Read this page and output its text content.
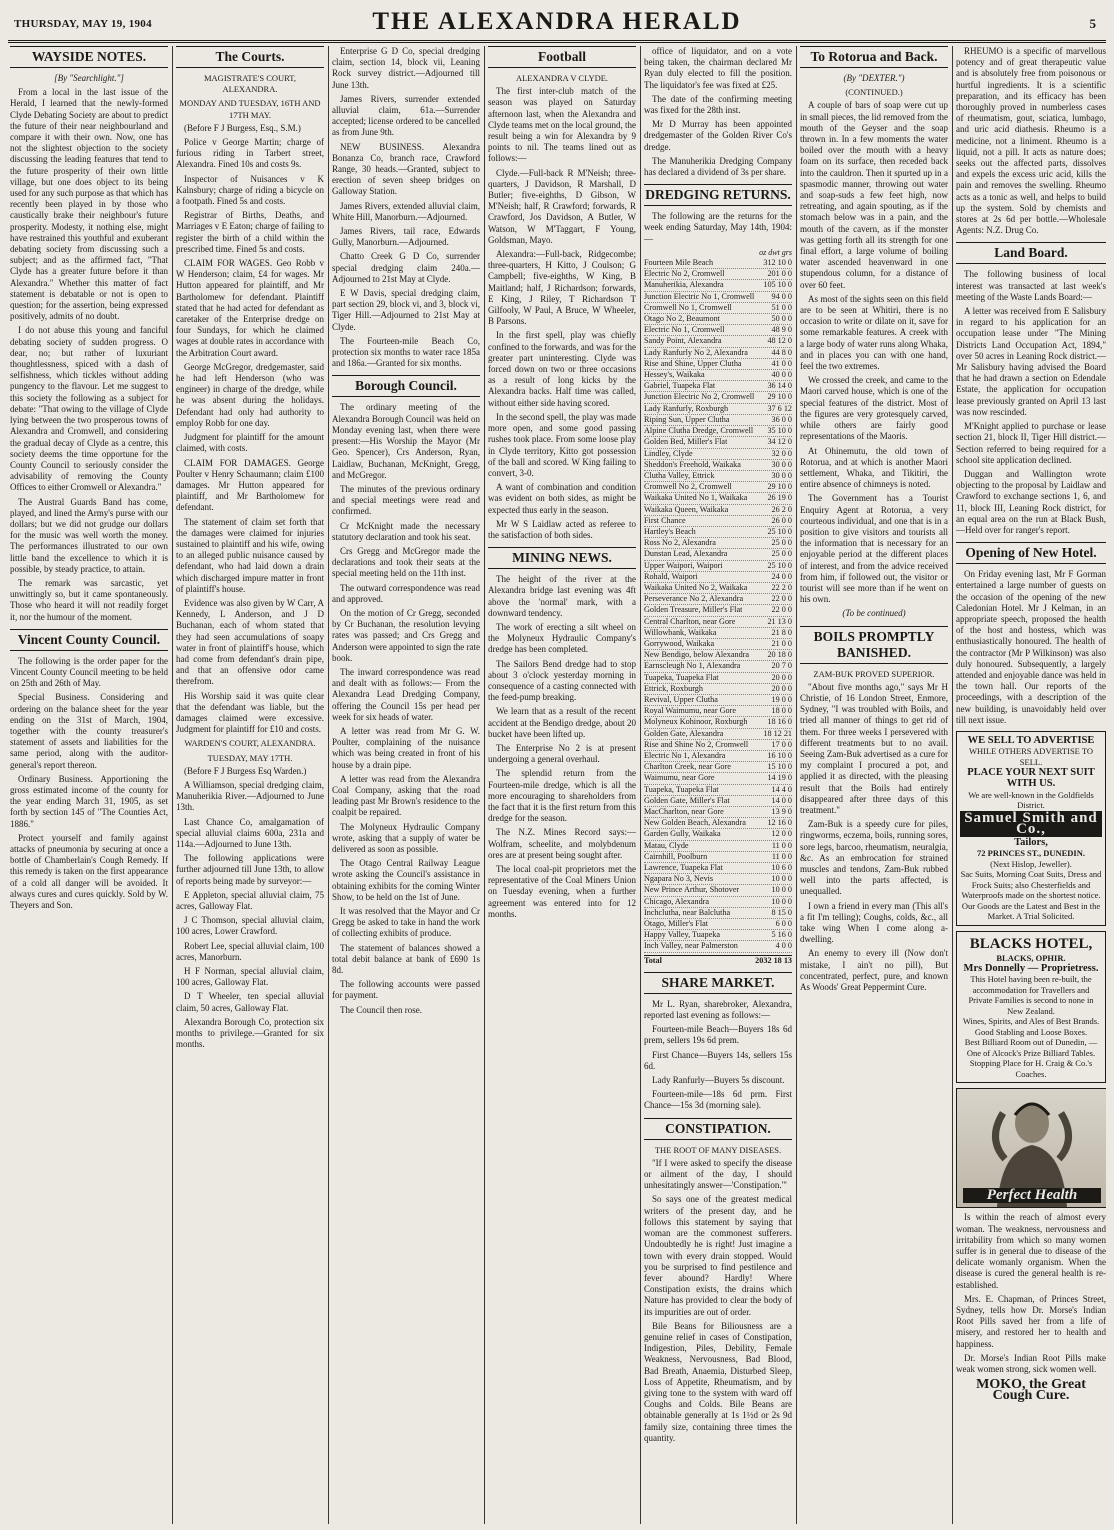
THURSDAY, MAY 19, 1904	THE ALEXANDRA HERALD	5
WAYSIDE NOTES.
[By "Searchlight."]

From a local in the last issue of the Herald, I learned that the newly-formed Clyde Debating Society are about to predict the future of their near neighbourland and compare it with their own. Now, one has not the slightest objection to the society discussing the leading features that tend to the future prosperity of their own little village, but one does object to its being used for any such purpose as that which has recently been played in by those who caustically brake their neighbour's future prosperity. Modesty, it nothing else, might have restrained this youthful and exuberant debating society from discussing such a subject; and as the affirmed fact, "That Clyde has a greater future before it than Alexandra." Whether this matter of fact statement is debatable or not is open to question; for the assertion, being expressed positively, admits of no doubt.

I do not abuse this young and fanciful debating society of sudden progress. O dear, no; but rather of luxuriant thoughtlessness, spiced with a dash of selfishness, which tickles without adding pungency to the flavour. Let me suggest to this society the following as a subject for debate: "That owing to the village of Clyde lying between the two prosperous towns of Alexandra and Cromwell, and considering the gradual decay of Clyde as a centre, this society deems the time opportune for the County Council to seriously consider the advisability of removing the County Offices to either Cromwell or Alexandra."

The Austral Guards Band has come, played, and lined the Army's purse with our dollars; but we did not grudge our dollars for the music was well worth the money. The performances illustrated to our own little band the excellence to which it is possible, by steady practice, to attain.

The remark was sarcastic, yet unwittingly so, but it came spontaneously. Those who heard it will not readily forget it, nor the humour of the moment.

Vincent County Council.

The following is the order paper for the Vincent County Council meeting to be held on 25th and 26th of May.

Special Business. Considering and ordering on the balance sheet for the year ending on the 31st of March, 1904, together with the county treasurer's statement of assets and liabilities for the same period, along with the auditor-general's report thereon.

Ordinary Business. Apportioning the gross estimated income of the county for the year ending March 31, 1905, as set forth by section 145 of "The Counties Act, 1886."

Protect yourself and family against attacks of pneumonia by securing at once a bottle of Chamberlain's Cough Remedy. If this remedy is taken on the first appearance of a cold all danger will be avoided. It always cures and cures quickly. Sold by W. Theyers and Son.

The Courts.
MAGISTRATE'S COURT, ALEXANDRA.
MONDAY AND TUESDAY, 16TH AND 17TH MAY.

(Before F J Burgess, Esq., S.M.)

Police v George Martin; charge of furious riding in Tarbert street, Alexandra. Fined 10s and costs 9s.

Inspector of Nuisances v K Kalnsbury; charge of riding a bicycle on a footpath. Fined 5s and costs.

Registrar of Births, Deaths, and Marriages v E Eaton; charge of failing to register the birth of a child within the prescribed time. Fined 5s and costs.

CLAIM FOR WAGES. Geo Robb v W Henderson; claim, £4 for wages. Mr Hutton appeared for plaintiff, and Mr Bartholomew for defendant. Plaintiff stated that he had acted for defendant as caretaker of the Enterprise dredge on four Sundays, for which he claimed wages at double rates in accordance with the Arbitration Court award.

George McGregor, dredgemaster, said he had left Henderson (who was engineer) in charge of the dredge, while he was absent during the holidays. Defendant had only had authority to employ Robb for one day.

Judgment for plaintiff for the amount claimed, with costs.

CLAIM FOR DAMAGES. George Poulter v Henry Schaumann; claim £100 damages. Mr Hutton appeared for plaintiff, and Mr Bartholomew for defendant.

The statement of claim set forth that the damages were claimed for injuries sustained to plaintiff and his wife, owing to an alleged public nuisance caused by defendant, who had laid down a drain which discharged impure matter in front of plaintiff's house.

Evidence was also given by W Carr, A Kennedy, L Anderson, and J D Buchanan, each of whom stated that they had seen accumulations of soapy water in front of plaintiff's house, which had come from defendant's drain pipe, and that an offensive odor came therefrom.

His Worship said it was quite clear that the defendant was liable, but the damages claimed were excessive. Judgment for plaintiff for £10 and costs.

WARDEN'S COURT, ALEXANDRA.
TUESDAY, MAY 17TH.

(Before F J Burgess Esq Warden.)

A Williamson, special dredging claim, Manuherikia River.—Adjourned to June 13th.

Last Chance Co, amalgamation of special alluvial claims 600a, 231a and 114a.—Adjourned to June 13th.

The following applications were further adjourned till June 13th, to allow of reports being made by surveyor:—

E Appleton, special alluvial claim, 75 acres, Galloway Flat.

J C Thomson, special alluvial claim, 100 acres, Lower Crawford.

Robert Lee, special alluvial claim, 100 acres, Manorburn.

H F Norman, special alluvial claim, 100 acres, Galloway Flat.

D T Wheeler, ten special alluvial claim, 50 acres, Galloway Flat.

Alexandra Borough Co, protection six months to privilege.—Granted for six months.

Enterprise G D Co, special dredging claim, section 14, block vii, Leaning Rock survey district.—Adjourned till June 13th.

James Rivers, surrender extended alluvial claim, 61a.—Surrender accepted; license ordered to be cancelled as from June 9th.

NEW BUSINESS. Alexandra Bonanza Co, branch race, Crawford Range, 30 heads.—Granted, subject to erection of seven sheep bridges on Galloway Station.

James Rivers, extended alluvial claim, White Hill, Manorburn.—Adjourned.

James Rivers, tail race, Edwards Gully, Manorburn.—Adjourned.

Chatto Creek G D Co, surrender special dredging claim 240a.—Adjourned to 21st May at Clyde.

E W Davis, special dredging claim, part section 29, block vi, and 3, block vi, Tiger Hill.—Adjourned to 21st May at Clyde.

The Fourteen-mile Beach Co, protection six months to water race 185a and 186a.—Granted for six months.

Borough Council.

The ordinary meeting of the Alexandra Borough Council was held on Monday evening last, when there were present:—His Worship the Mayor (Mr Geo. Spencer), Crs Anderson, Ryan, Laidlaw, Buchanan, McKnight, Gregg, and McGregor.

The minutes of the previous ordinary and special meetings were read and confirmed.

Cr McKnight made the necessary statutory declaration and took his seat.

Crs Gregg and McGregor made the declarations and took their seats at the special meeting held on the 11th inst.

The outward correspondence was read and approved.

On the motion of Cr Gregg, seconded by Cr Buchanan, the resolution levying rates was passed; and Crs Gregg and Anderson were appointed to sign the rate book.

The inward correspondence was read and dealt with as follows:— From the Alexandra Lead Dredging Company, offering the Council 15s per head per week for six heads of water.

A letter was read from Mr G. W. Poulter, complaining of the nuisance which was being created in front of his house by a drain pipe.

A letter was read from the Alexandra Coal Company, asking that the road leading past Mr Brown's residence to the coalpit be repaired.

The Molyneux Hydraulic Company wrote, asking that a supply of water be delivered as soon as possible.

The Otago Central Railway League wrote asking the Council's assistance in obtaining exhibits for the coming Winter Show, to be held on the 1st of June.

It was resolved that the Mayor and Cr Gregg be asked to take in hand the work of collecting exhibits of produce.

The statement of balances showed a total debit balance at bank of £690 1s 8d.

The following accounts were passed for payment.

The Council then rose.

Football
ALEXANDRA V CLYDE.

The first inter-club match of the season was played on Saturday afternoon last, when the Alexandra and Clyde teams met on the local ground, the result being a win for Alexandra by 9 points to nil. The teams lined out as follows:—

Clyde.—Full-back R M'Neish; three-quarters, J Davidson, R Marshall, D Butler; five-eighths, D Gibson, W M'Neish; half, R Crawford; forwards, R Crawford, Jos Davidson, A Butler, W Watson, W M'Taggart, F Young, Goldsman, Mayo.

Alexandra:—Full-back, Ridgecombe; three-quarters, H Kitto, J Coulson; G Campbell; five-eighths, W King, B Maitland; half, J Richardson; forwards, E King, J Riley, T Richardson T Gilfooly, W Paul, A Bruce, W Wheeler, B Parsons.

In the first spell, play was chiefly confined to the forwards, and was for the greater part uninteresting. Clyde was forced down on two or three occasions as a result of long kicks by the Alexandra backs. Half time was called, without either side having scored.

In the second spell, the play was made more open, and some good passing rushes took place. From some loose play in Clyde territory, Kitto got possession of the ball and scored. W King failing to convert, 3-0.

A want of combination and condition was evident on both sides, as might be expected thus early in the season.

Mr W S Laidlaw acted as referee to the satisfaction of both sides.

MINING NEWS.

The height of the river at the Alexandra bridge last evening was 4ft above the 'normal' mark, with a downward tendency.

The work of erecting a silt wheel on the Molyneux Hydraulic Company's dredge has been completed.

The Sailors Bend dredge had to stop about 3 o'clock yesterday morning in consequence of a casting connected with the feed-pump breaking.

We learn that as a result of the recent accident at the Bendigo dredge, about 20 bucket have been lifted up.

The Enterprise No 2 is at present undergoing a general overhaul.

The splendid return from the Fourteen-mile dredge, which is all the more encouraging to shareholders from the fact that it is the first return from this dredge for the season.

The N.Z. Mines Record says:—Wolfram, scheelite, and molybdenum ores are at present being sought after.

The local coal-pit proprietors met the representative of the Coal Miners Union on Tuesday evening, when a further agreement was entered into for 12 months.

office of liquidator, and on a vote being taken, the chairman declared Mr Ryan duly elected to fill the position. The liquidator's fee was fixed at £25.

The date of the confirming meeting was fixed for the 28th inst.

Mr D Murray has been appointed dredgemaster of the Golden River Co's dredge.

The Manuherikia Dredging Company has declared a dividend of 3s per share.

DREDGING RETURNS.

The following are the returns for the week ending Saturday, May 14th, 1904:—

oz dwt grs
Fourteen Mile Beach	312 10 0
Electric No 2, Cromwell	201 0 0
Manuherikia, Alexandra	105 10 0
Junction Electric No 1, Cromwell 94 0 0
Cromwell No 1, Cromwell	51 0 0
Otago No 2, Beaumont	50 0 0
Electric No 1, Cromwell	48 9 0
Sandy Point, Alexandra	48 12 0
Lady Ranfurly No 2, Alexandra	44 8 0
Rise and Shine, Upper Clutha	41 0 0
Hessey's, Waikaka	40 0 0
Gabriel, Tuapeka Flat	36 14 0
Junction Electric No 2, Cromwell 29 10 0
Lady Ranfurly, Roxburgh	37 6 12
Riping Sun, Upper Clutha	36 0 0
Alpine Clutha Dredge, Cromwell 35 10 0
Golden Bed, Miller's Flat	34 12 0
Lindley, Clyde	32 0 0
Sheddon's Freehold, Waikaka	30 0 0
Clutha Valley, Ettrick	30 0 0
Cromwell No 2, Cromwell	29 10 0
Waikaka United No 1, Waikaka 26 19 0
Waikaka Queen, Waikaka	26 2 0
First Chance	26 0 0
Hartley's Beach	25 10 0
Ross No 2, Alexandra	25 0 0
Dunstan Lead, Alexandra	25 0 0
Upper Waipori, Waipori	25 10 0
Rohald, Waipori	24 0 0
Waikaka United No 2, Waikaka	22 2 0
Perseverance No 2, Alexandra	22 0 0
Golden Treasure, Miller's Flat	22 0 0
Central Charlton, near Gore	21 13 0
Willowbank, Waikaka	21 8 0
Gorrywood, Waikaka	21 0 0
New Bendigo, below Alexandra 20 18 0
Earnscleugh No 1, Alexandra	20 7 0
Tuapeka, Tuapeka Flat	20 0 0
Ettrick, Roxburgh	20 0 0
Revival, Upper Clutha	19 0 0
Royal Waimumu, near Gore	18 0 0
Molyneux Kohinoor, Roxburgh 18 16 0
Golden Gate, Alexandra	18 12 21
Rise and Shine No 2, Cromwell	17 0 0
Electric No 1, Alexandra	16 10 0
Charlton Creek, near Gore	15 10 0
Waimumu, near Gore	14 19 0
Tuapeka, Tuapeka Flat	14 4 0
Golden Gate, Miller's Flat	14 0 0
MacCharlton, near Gore	13 9 0
New Golden Beach, Alexandra	12 16 0
Garden Gully, Waikaka	12 0 0
Matau, Clyde	11 0 0
Cairnhill, Poolburn	11 0 0
Lawrence, Tuapeka Flat	10 6 0
Ngapara No 3, Nevis	10 0 0
New Prince Arthur, Shotover	10 0 0
Chicago, Alexandra	10 0 0
Inchclutha, near Balclutha	8 15 0
Otago, Miller's Flat	6 0 0
Happy Valley, Tuapeka	5 16 0
Inch Valley, near Palmerston	4 0 0
Total	2032 18 13
SHARE MARKET.

Mr L. Ryan, sharebroker, Alexandra, reported last evening as follows:—

Fourteen-mile Beach—Buyers 18s 6d prem, sellers 19s 6d prem.

First Chance—Buyers 14s, sellers 15s 6d.

Lady Ranfurly—Buyers 5s discount.

Fourteen-mile—18s 6d prm. First Chance—15s 3d (morning sale).

CONSTIPATION.
THE ROOT OF MANY DISEASES.

"If I were asked to specify the disease or ailment of the day, I should unhesitatingly answer—'Constipation.'"

So says one of the greatest medical writers of the present day, and he follows this statement by saying that woman are the commonest sufferers. Undoubtedly he is right! Just imagine a town with every drain stopped. Would you be surprised to find pestilence and fever abound? Hardly! Where Constipation exists, the drains which Nature has provided to clear the body of its impurities are out of order.

Bile Beans for Biliousness are a genuine relief in cases of Constipation, Indigestion, Piles, Debility, Female Weakness, Nervousness, Bad Blood, Bad Breath, Anaemia, Disturbed Sleep, Loss of Appetite, Rheumatism, and by giving tone to the system with ward off Coughs and Colds. Bile Beans are obtainable generally at 1s 1½d or 2s 9d family size, containing three times the quantity.

To Rotorua and Back.
(By "DEXTER.")
(CONTINUED.)

A couple of bars of soap were cut up in small pieces, the lid removed from the mouth of the Geyser and the soap thrown in. In a few moments the water boiled over the mouth with a heavy foam on its surface, then receded back into the cauldron. Then it spurted up in a spasmodic manner, throwing out water and soap-suds a few feet high, now retreating, and again spouting, as if the stomach below was in a pain, and the mouth of the cavern, as if the monster was getting forth all its strength for one final effort, a large volume of boiling water ascended heavenward in one stupendous column, for a distance of over 60 feet.

As most of the sights seen on this field are to be seen at Whitiri, there is no occasion to write or dilate on it, save for some remarkable features. A creek with a large body of water runs along Whaka, and in places you can with one hand, feel the two extremes.

We crossed the creek, and came to the Maori carved house, which is one of the special features of the district. Most of the figures are very grotesquely carved, while others are fairly good representations of the Maoris.

At Ohinemutu, the old town of Rotorua, and at which is another Maori settlement, Whaka, and Tikitiri, the entire absence of chimneys is noted.

The Government has a Tourist Enquiry Agent at Rotorua, a very courteous individual, and one that is in a position to give visitors and tourists all the information that is necessary for an enjoyable period at the different places of interest, and from the advice received from him, if followed out, the visitor or tourist will see more than if he went on his own.

(To be continued)
BOILS PROMPTLY BANISHED.
ZAM-BUK PROVED SUPERIOR.

"About five months ago," says Mr H Christie, of 16 London Street, Enmore, Sydney, "I was troubled with Boils, and tried all manner of things to get rid of them. For three weeks I persevered with different treatments but to no avail. Seeing Zam-Buk advertised as a cure for my complaint I procured a pot, and applied it as directed, with the pleasing result that the Boils had entirely disappeared after three days of this treatment."

Zam-Buk is a speedy cure for piles, ringworms, eczema, boils, running sores, sore legs, barcoo, rheumatism, neuralgia, &c. As an embrocation for strained muscles and tendons, Zam-Buk rubbed well into the parts affected, is unequalled.

I own a friend in every man (This all's a fit I'm telling); Coughs, colds, &c., all take wing When I come along a-dwelling.

An enemy to every ill (Now don't mistake, I ain't no pill), But concentrated, perfect, pure, and known As Woods' Great Peppermint Cure.

RHEUMO is a specific of marvellous potency and of great therapeutic value and is absolutely free from poisonous or hurtful ingredients. It is a scientific preparation, and its efficacy has been thoroughly proved in numberless cases of rheumatism, gout, sciatica, lumbago, and uric acid diathesis. Rheumo is a medicine, not a liniment. Rheumo is a liquid, not a pill. It acts as nature does; seeks out the affected parts, dissolves and expels the excess uric acid, kills the pain and removes the swelling. Rheumo acts as a tonic as well, and helps to build up the system. Sold by chemists and stores at 2s 6d per bottle.—Wholesale Agents: N.Z. Drug Co.

Land Board.

The following business of local interest was transacted at last week's meeting of the Waste Lands Board:—

A letter was received from E Salisbury in regard to his application for an occupation lease under "The Mining Districts Land Occupation Act, 1894," over 50 acres in Leaning Rock district.—Mr Salisbury having advised the Board that he had drawn a section on Edendale Estate, the application for occupation lease previously granted on April 13 last was now rescinded.

M'Knight applied to purchase or lease section 21, block II, Tiger Hill district.—Section referred to being required for a school site application declined.

Duggan and Wallington wrote objecting to the proposal by Laidlaw and Crawford to exchange sections 1, 6, and 11, block III, Leaning Rock district, for an equal area on the run at Black Bush,—Held over for ranger's report.

Opening of New Hotel.

On Friday evening last, Mr F Gorman entertained a large number of guests on the occasion of the opening of the new Caledonian Hotel. Mr J Kelman, in an appropriate speech, proposed the health of the host and hostess, which was enthusiastically honoured. The health of the contractor (Mr P Wilkinson) was also duly honoured. Subsequently, a largely attended and enjoyable dance was held in the town hall. Our reports of the proceedings, with a description of the new building, is unavoidably held over till next issue.

WE SELL TO ADVERTISE
WHILE OTHERS ADVERTISE TO SELL.
PLACE YOUR NEXT SUIT
WITH US.
We are well-known in the Goldfields District.
Samuel Smith and Co.,
Tailors,
72 PRINCES ST., DUNEDIN.
(Next Hislop, Jeweller).
Sac Suits, Morning Coat Suits, Dress and Frock Suits; also Chesterfields and Waterproofs made on the shortest notice.
Our Goods are the Latest and Best in the Market. A Trial Solicited.
BLACKS HOTEL,
BLACKS, OPHIR.
Mrs Donnelly — Proprietress.
This Hotel having been re-built, the accommodation for Travellers and Private Families is second to none in New Zealand.
Wines, Spirits, and Ales of Best Brands.
Good Stabling and Loose Boxes.
Best Billiard Room out of Dunedin, —One of Alcock's Prize Billiard Tables.
Stopping Place for H. Craig & Co.'s Coaches.
Perfect Health

Is within the reach of almost every woman. The weakness, nervousness and irritability from which so many women suffer is in general due to disease of the delicate womanly organism. When the disease is cured the general health is re-established.

Mrs. E. Chapman, of Princes Street, Sydney, tells how Dr. Morse's Indian Root Pills saved her from a life of misery, and restored her to health and happiness.

Dr. Morse's Indian Root Pills make weak women strong, sick women well.

MOKO, the Great Cough Cure.
